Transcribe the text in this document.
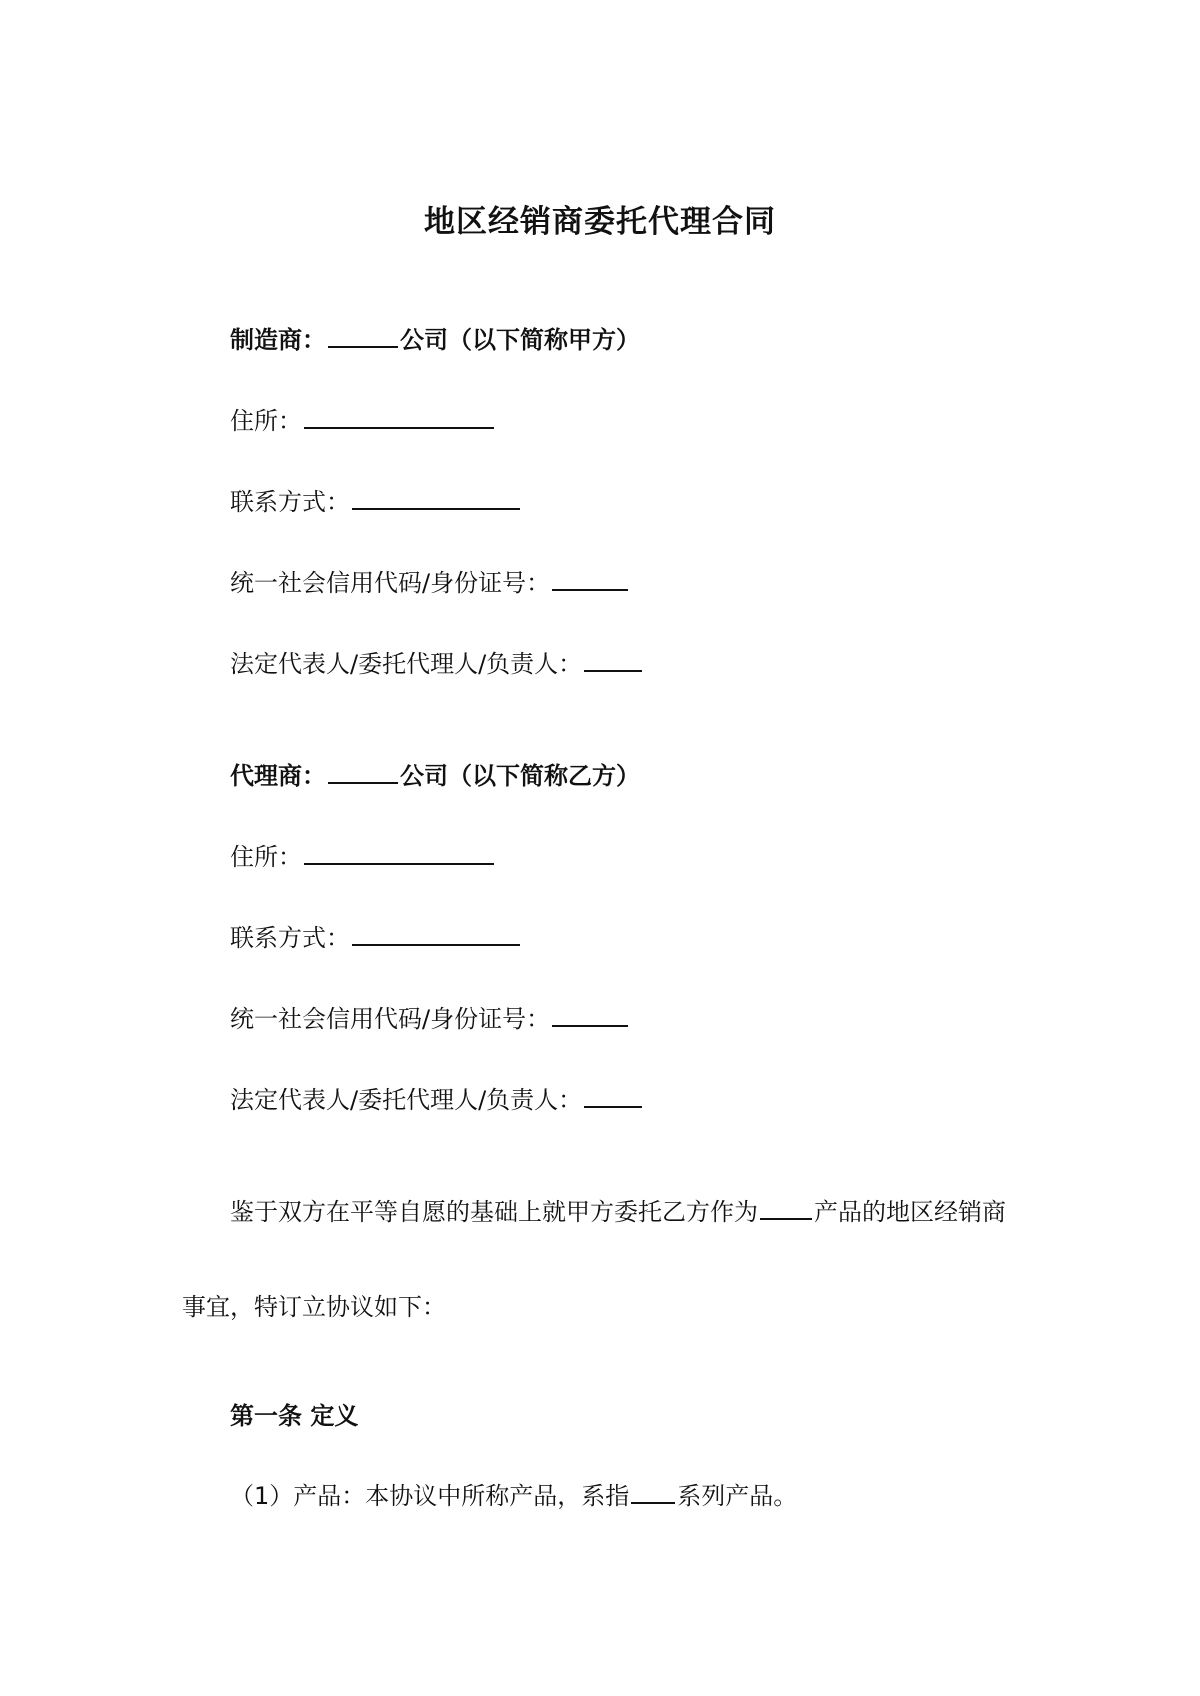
地区经销商委托代理合同
制造商：	公司（以下简称甲方）
住所：
联系方式：
统一社会信用代码/身份证号：
法定代表人/委托代理人/负责人：
代理商：	公司（以下简称乙方）
住所：
联系方式：
统一社会信用代码/身份证号：
法定代表人/委托代理人/负责人：
鉴于双方在平等自愿的基础上就甲方委托乙方作为 产品的地区经销商
事宜，特订立协议如下：
第一条 定义
（1）产品：本协议中所称产品，系指 系列产品。
